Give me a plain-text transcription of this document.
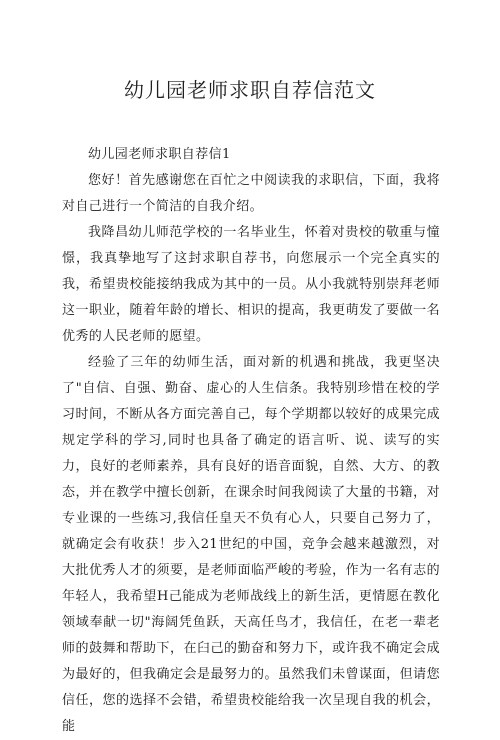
幼儿园老师求职自荐信范文

幼儿园老师求职自荐信1

您好！首先感谢您在百忙之中阅读我的求职信，下面，我将对自己进行一个简洁的自我介绍。

我降昌幼儿师范学校的一名毕业生，怀着对贵校的敬重与憧憬，我真挚地写了这封求职自荐书，向您展示一个完全真实的我，希望贵校能接纳我成为其中的一员。从小我就特别崇拜老师这一职业，随着年龄的增长、相识的提高，我更萌发了要做一名优秀的人民老师的愿望。

经验了三年的幼师生活，面对新的机遇和挑战，我更坚决了"自信、自强、勤奋、虚心的人生信条。我特别珍惜在校的学习时间，不断从各方面完善自己，每个学期都以较好的成果完成规定学科的学习,同时也具备了确定的语言听、说、读写的实力，良好的老师素养，具有良好的语音面貌，自然、大方、的教态，并在教学中擅长创新，在课余时间我阅读了大量的书籍，对专业课的一些练习,我信任皇天不负有心人，只要自己努力了，就确定会有收获！步入21世纪的中国，竞争会越来越激烈，对大批优秀人才的须要，是老师面临严峻的考验，作为一名有志的年轻人，我希望H己能成为老师战线上的新生活，更情愿在教化领域奉献一切"海阔凭鱼跃，天高任鸟才，我信任，在老一辈老师的鼓舞和帮助下，在臼己的勤奋和努力下，或许我不确定会成为最好的，但我确定会是最努力的。虽然我们未曾谋面，但请您信任，您的选择不会错，希望贵校能给我一次呈现自我的机会，能
